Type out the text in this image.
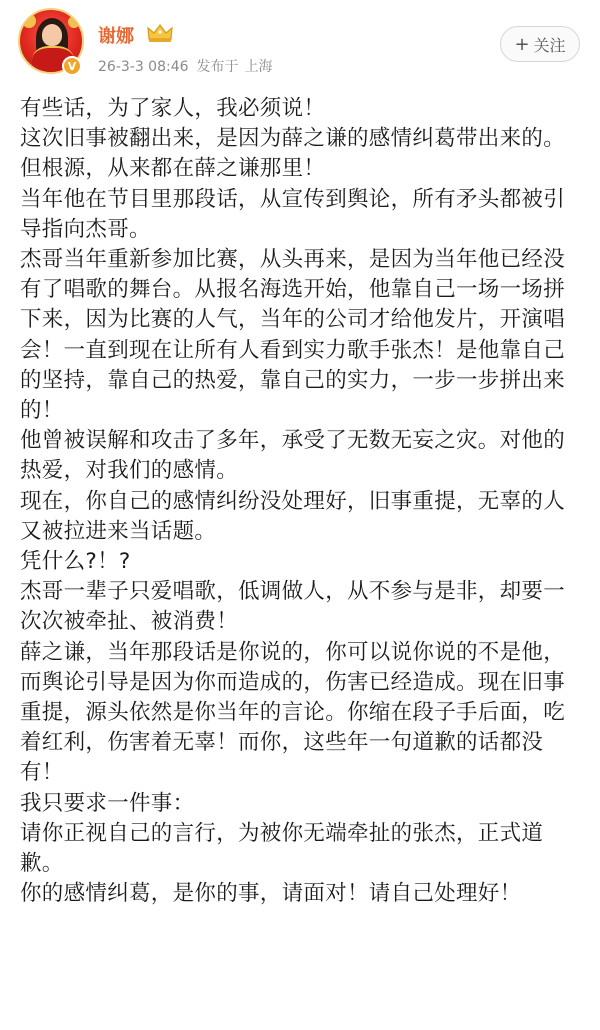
V
谢娜
26-3-3 08:46 发布于 上海
+ 关注

有些话，为了家人，我必须说！

这次旧事被翻出来，是因为薛之谦的感情纠葛带出来的。

但根源，从来都在薛之谦那里！

当年他在节目里那段话，从宣传到舆论，所有矛头都被引导指向杰哥。

杰哥当年重新参加比赛，从头再来，是因为当年他已经没有了唱歌的舞台。从报名海选开始，他靠自己一场一场拼下来，因为比赛的人气，当年的公司才给他发片，开演唱会！一直到现在让所有人看到实力歌手张杰！是他靠自己的坚持，靠自己的热爱，靠自己的实力，一步一步拼出来的！

他曾被误解和攻击了多年，承受了无数无妄之灾。对他的热爱，对我们的感情。

现在，你自己的感情纠纷没处理好，旧事重提，无辜的人又被拉进来当话题。

凭什么?！?

杰哥一辈子只爱唱歌，低调做人，从不参与是非，却要一次次被牵扯、被消费！

薛之谦，当年那段话是你说的，你可以说你说的不是他，而舆论引导是因为你而造成的，伤害已经造成。现在旧事重提，源头依然是你当年的言论。你缩在段子手后面，吃着红利，伤害着无辜！而你，这些年一句道歉的话都没有！

我只要求一件事：

请你正视自己的言行，为被你无端牵扯的张杰，正式道歉。

你的感情纠葛，是你的事，请面对！请自己处理好！
